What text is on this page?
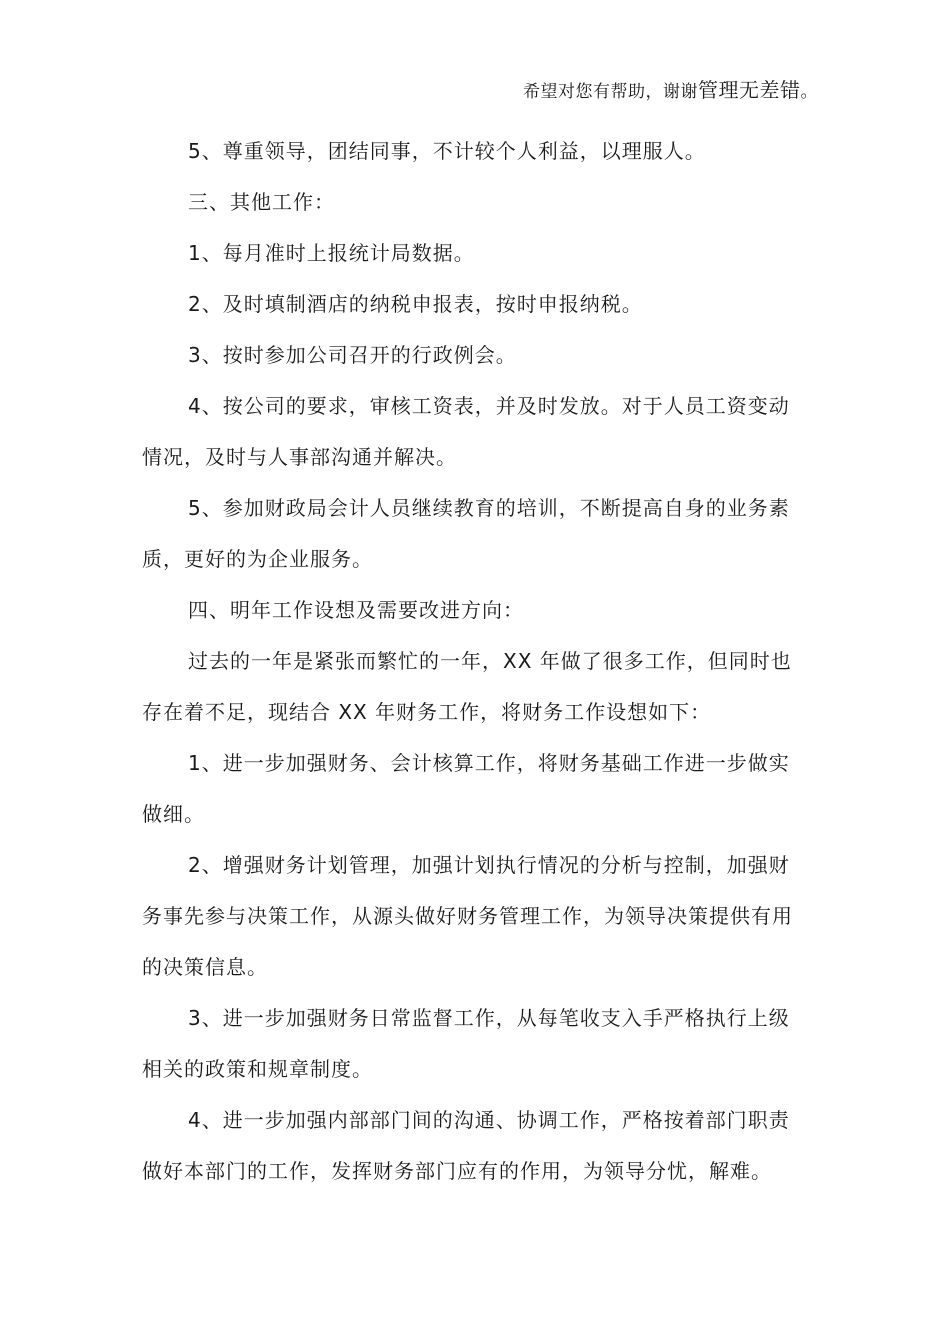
希望对您有帮助，谢谢管理无差错。

5、尊重领导，团结同事，不计较个人利益，以理服人。

三、其他工作：

1、每月准时上报统计局数据。

2、及时填制酒店的纳税申报表，按时申报纳税。

3、按时参加公司召开的行政例会。

4、按公司的要求，审核工资表，并及时发放。对于人员工资变动
情况，及时与人事部沟通并解决。

5、参加财政局会计人员继续教育的培训，不断提高自身的业务素
质，更好的为企业服务。

四、明年工作设想及需要改进方向：

过去的一年是紧张而繁忙的一年，XX 年做了很多工作，但同时也
存在着不足，现结合 XX 年财务工作，将财务工作设想如下：

1、进一步加强财务、会计核算工作，将财务基础工作进一步做实
做细。

2、增强财务计划管理，加强计划执行情况的分析与控制，加强财
务事先参与决策工作，从源头做好财务管理工作，为领导决策提供有用
的决策信息。

3、进一步加强财务日常监督工作，从每笔收支入手严格执行上级
相关的政策和规章制度。

4、进一步加强内部部门间的沟通、协调工作，严格按着部门职责
做好本部门的工作，发挥财务部门应有的作用，为领导分忧，解难。
